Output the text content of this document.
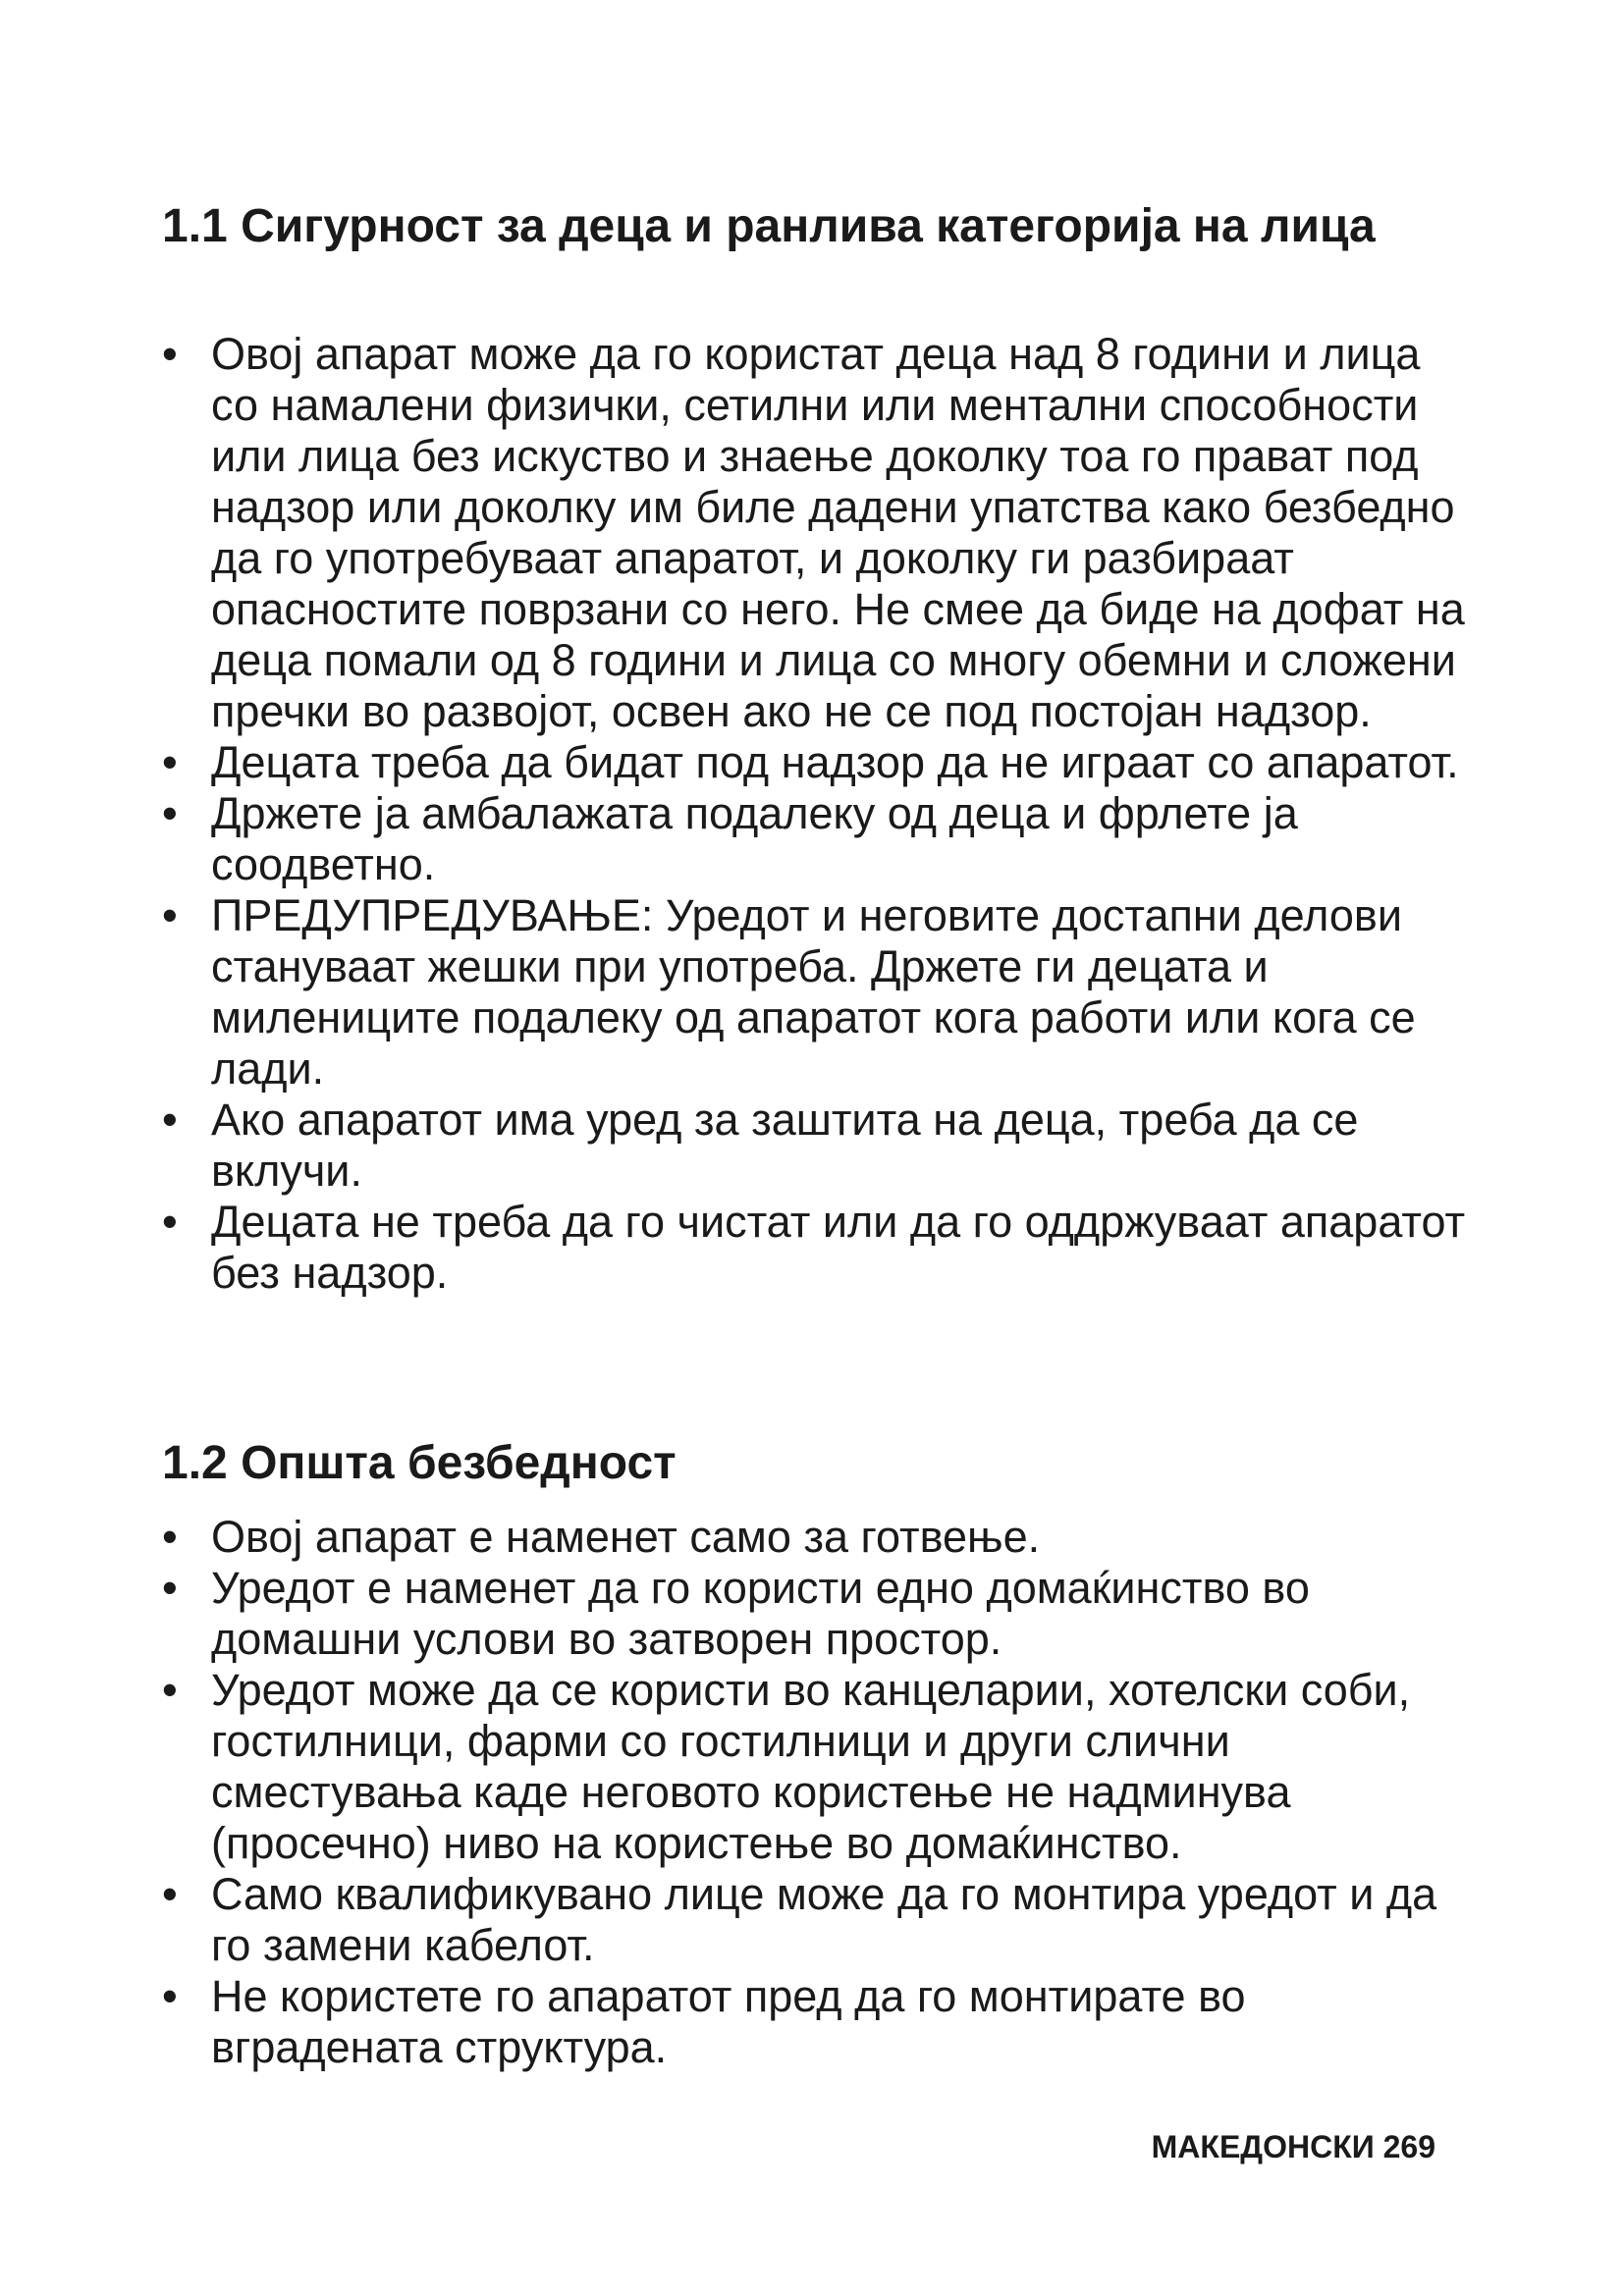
1.1 Сигурност за деца и ранлива категорија на лица
• Овој апарат може да го користат деца над 8 години и лица со намалени физички, сетилни или ментални способности или лица без искуство и знаење доколку тоа го прават под надзор или доколку им биле дадени упатства како безбедно да го употребуваат апаратот, и доколку ги разбираат опасностите поврзани со него. Не смее да биде на дофат на деца помали од 8 години и лица со многу обемни и сложени пречки во развојот, освен ако не се под постојан надзор.
• Децата треба да бидат под надзор да не играат со апаратот.
• Држете ја амбалажата подалеку од деца и фрлете ја соодветно.
• ПРЕДУПРЕДУВАЊЕ: Уредот и неговите достапни делови стануваат жешки при употреба. Држете ги децата и милениците подалеку од апаратот кога работи или кога се лади.
• Ако апаратот има уред за заштита на деца, треба да се вклучи.
• Децата не треба да го чистат или да го оддржуваат апаратот без надзор.
1.2 Општа безбедност
• Овој апарат е наменет само за готвење.
• Уредот е наменет да го користи едно домаќинство во домашни услови во затворен простор.
• Уредот може да се користи во канцеларии, хотелски соби, гостилници, фарми со гостилници и други слични сместувања каде неговото користење не надминува (просечно) ниво на користење во домаќинство.
• Само квалификувано лице може да го монтира уредот и да го замени кабелот.
• Не користете го апаратот пред да го монтирате во вградената структура.
МАКЕДОНСКИ 269
